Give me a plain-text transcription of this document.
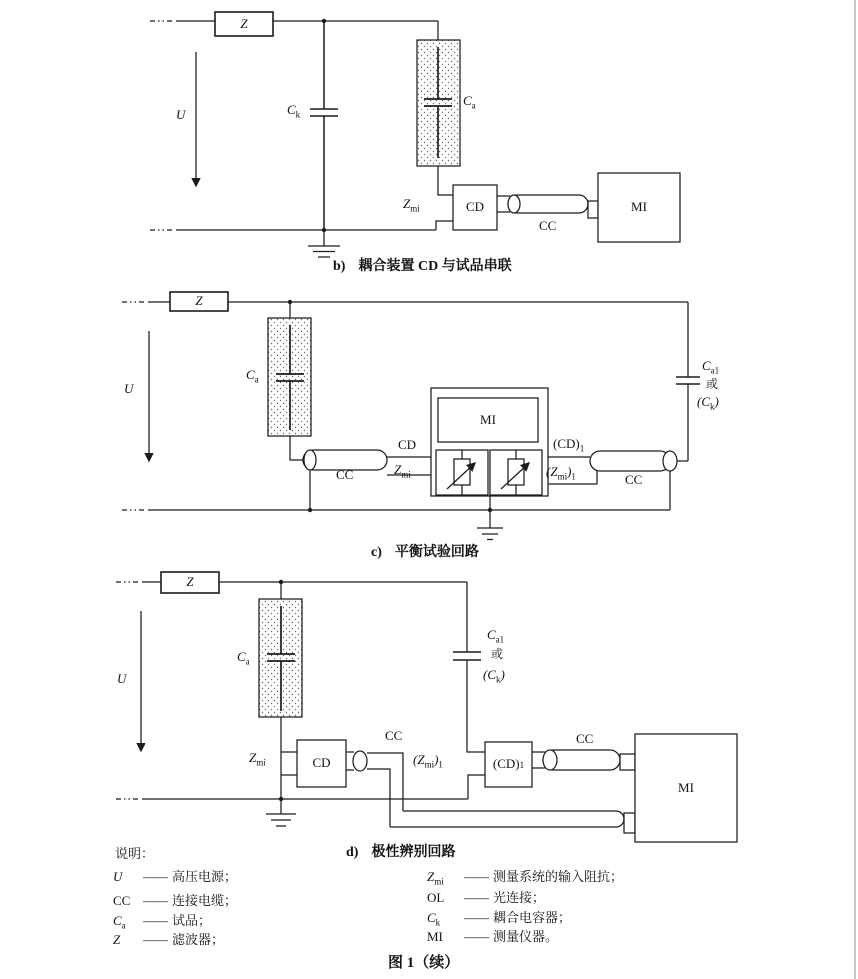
Z
U	$C_k$
$C_a$
$Z_{mi}$	CD
CC
MI
b) 耦合装置 CD 与试品串联
Z
U
$C_a$
CC
CD
$Z_{mi}$
MI
$(CD)_1$
$(Z_{mi})_1$	CC
$C_{a1}$
或
$(C_k)$
c) 平衡试验回路
Z
U
$C_a$
$Z_{mi}$	CD
CC
$(Z_{mi})_1$	(CD) 1
CC
$C_{a1}$
或
$(C_k)$
MI
d) 极性辨别回路
说明：
U —— 高压电源；
CC —— 连接电缆；
$C_a$ —— 试品；
Z —— 滤波器；
$Z_{mi}$ —— 测量系统的输入阻抗；
OL —— 光连接；
$C_k$ —— 耦合电容器；
MI —— 测量仪器。
图 1（续）
